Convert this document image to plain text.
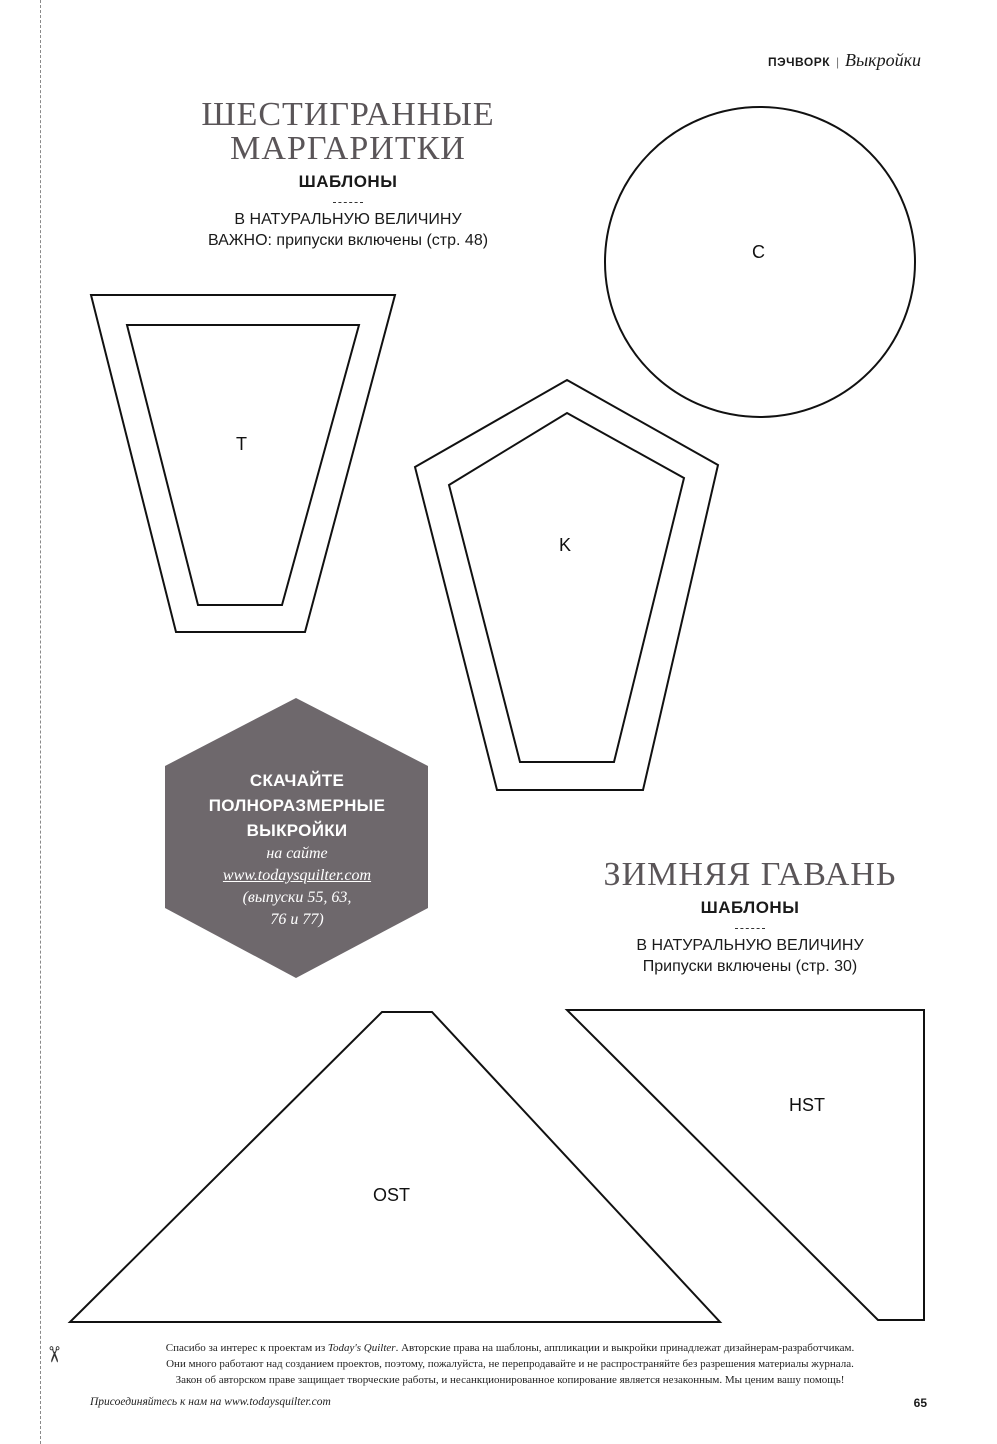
✂
ПЭЧВОРК | Выкройки
ШЕСТИГРАННЫЕ
МАРГАРИТКИ
ШАБЛОНЫ
В НАТУРАЛЬНУЮ ВЕЛИЧИНУ
ВАЖНО: припуски включены (стр. 48)
T
C
K
OST
HST
СКАЧАЙТЕ
ПОЛНОРАЗМЕРНЫЕ
ВЫКРОЙКИ
на сайте
www.todaysquilter.com
(выпуски 55, 63,
76 и 77)
ЗИМНЯЯ ГАВАНЬ
ШАБЛОНЫ
В НАТУРАЛЬНУЮ ВЕЛИЧИНУ
Припуски включены (стр. 30)
Спасибо за интерес к проектам из Today's Quilter. Авторские права на шаблоны, аппликации и выкройки принадлежат дизайнерам-разработчикам.
Они много работают над созданием проектов, поэтому, пожалуйста, не перепродавайте и не распространяйте без разрешения материалы журнала.
Закон об авторском праве защищает творческие работы, и несанкционированное копирование является незаконным. Мы ценим вашу помощь!
Присоединяйтесь к нам на www.todaysquilter.com	65
